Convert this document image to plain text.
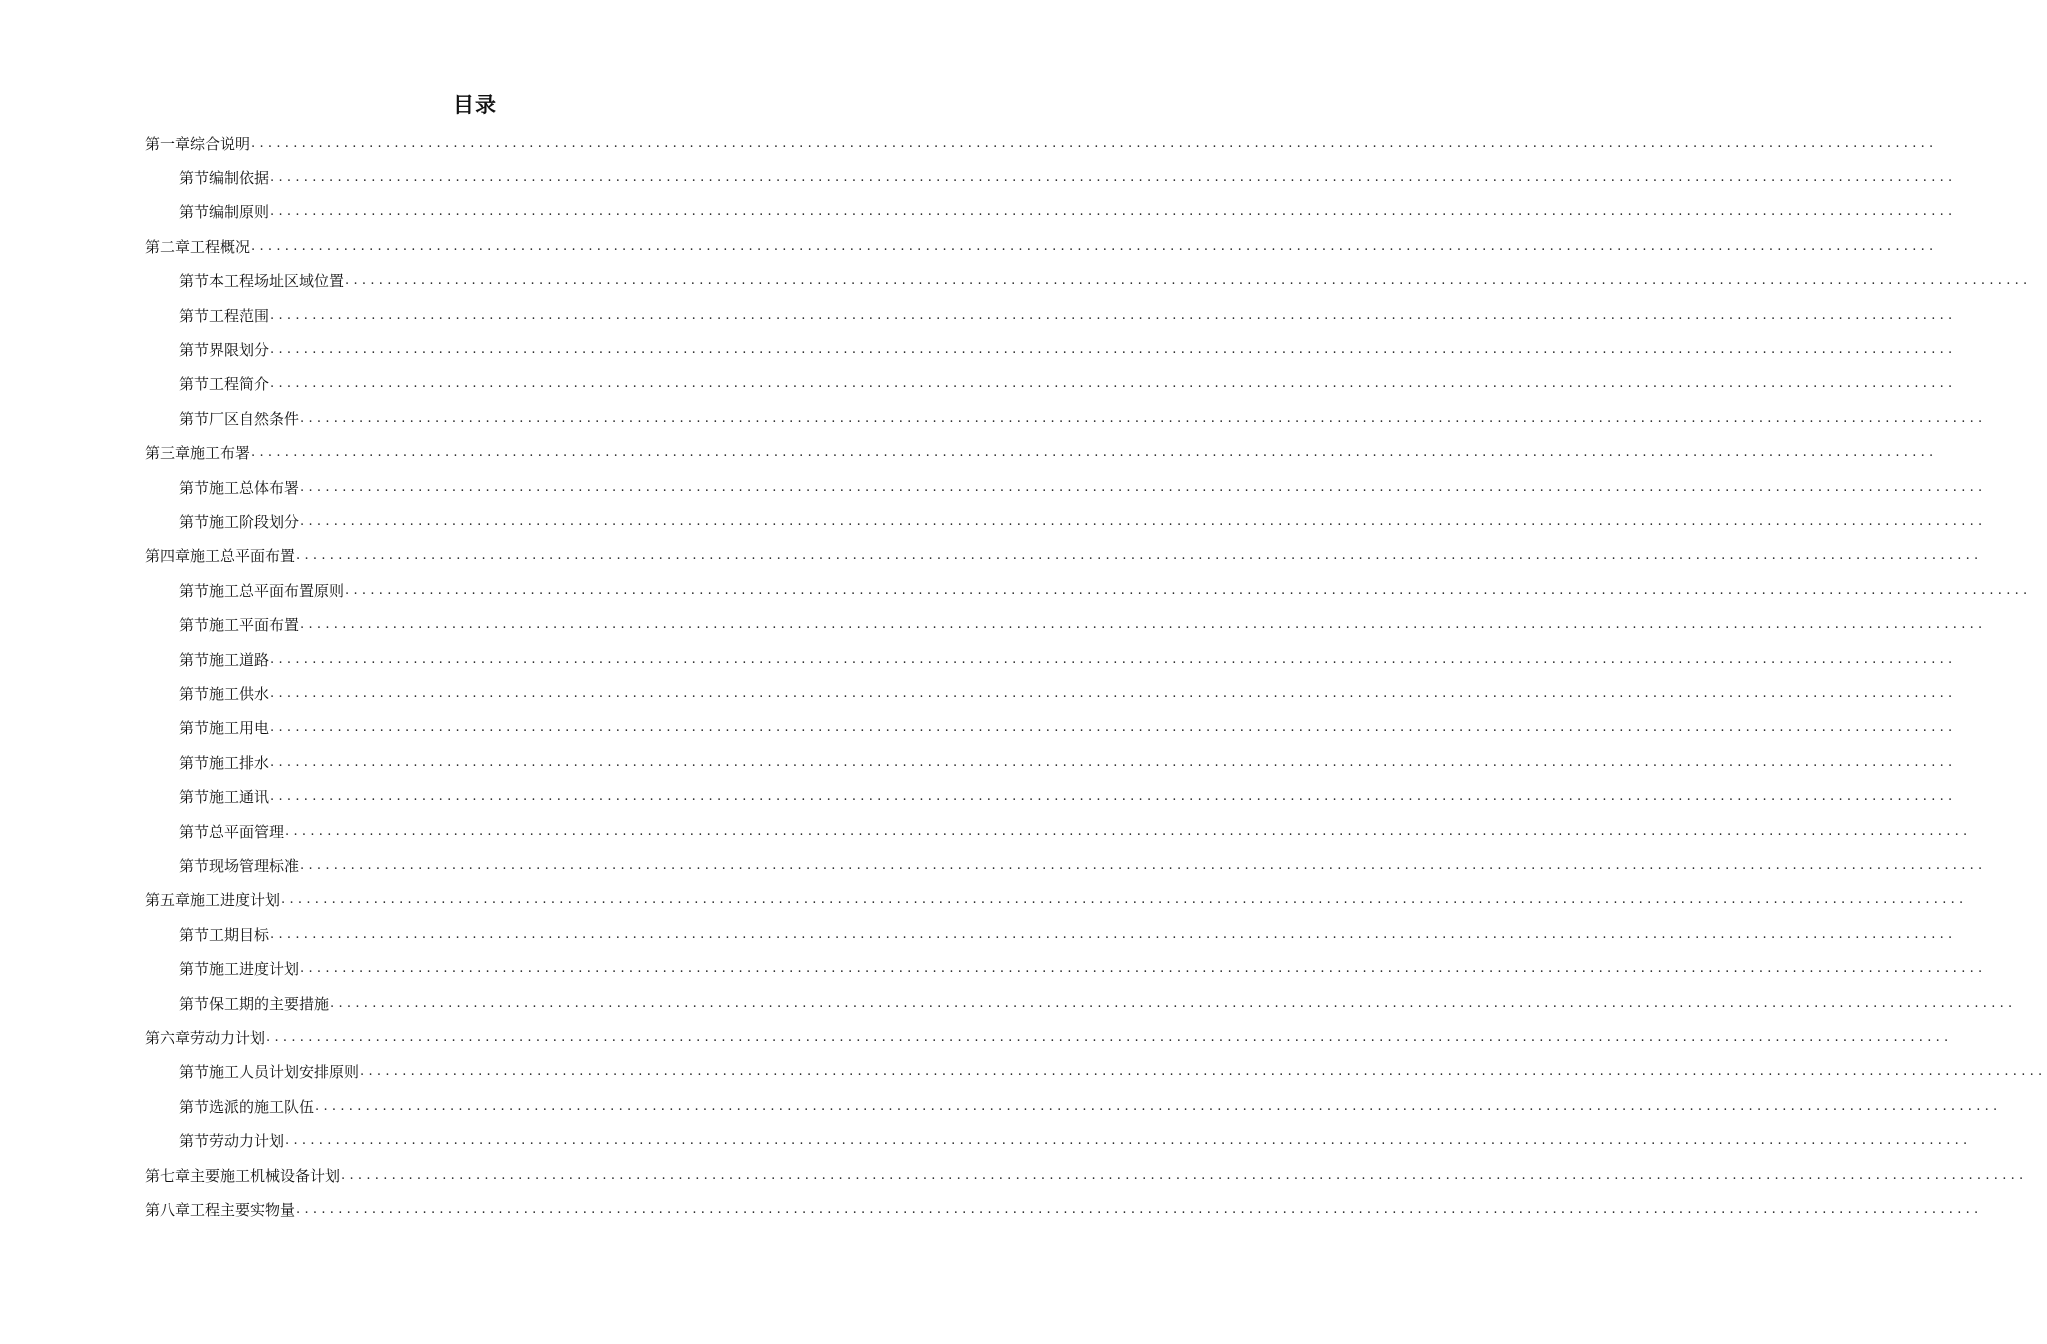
目录
第一章 综合说明 ........................................................................................................................................................................................................
第节 编制依据 ........................................................................................................................................................................................................
第节 编制原则 ........................................................................................................................................................................................................
第二章 工程概况 ........................................................................................................................................................................................................
第节 本工程场址区域位置 ........................................................................................................................................................................................................
第节 工程范围 ........................................................................................................................................................................................................
第节 界限划分 ........................................................................................................................................................................................................
第节 工程简介 ........................................................................................................................................................................................................
第节 厂区自然条件 ........................................................................................................................................................................................................
第三章 施工布署 ........................................................................................................................................................................................................
第节 施工总体布署 ........................................................................................................................................................................................................
第节 施工阶段划分 ........................................................................................................................................................................................................
第四章 施工总平面布置 ........................................................................................................................................................................................................
第节 施工总平面布置原则 ........................................................................................................................................................................................................
第节 施工平面布置 ........................................................................................................................................................................................................
第节 施工道路 ........................................................................................................................................................................................................
第节 施工供水 ........................................................................................................................................................................................................
第节 施工用电 ........................................................................................................................................................................................................
第节 施工排水 ........................................................................................................................................................................................................
第节 施工通讯 ........................................................................................................................................................................................................
第节 总平面管理 ........................................................................................................................................................................................................
第节 现场管理标准 ........................................................................................................................................................................................................
第五章 施工进度计划 ........................................................................................................................................................................................................
第节 工期目标 ........................................................................................................................................................................................................
第节 施工进度计划 ........................................................................................................................................................................................................
第节 保工期的主要措施 ........................................................................................................................................................................................................
第六章 劳动力计划 ........................................................................................................................................................................................................
第节 施工人员计划安排原则 ........................................................................................................................................................................................................
第节 选派的施工队伍 ........................................................................................................................................................................................................
第节 劳动力计划 ........................................................................................................................................................................................................
第七章 主要施工机械设备计划 ........................................................................................................................................................................................................
第八章 工程主要实物量 ........................................................................................................................................................................................................
